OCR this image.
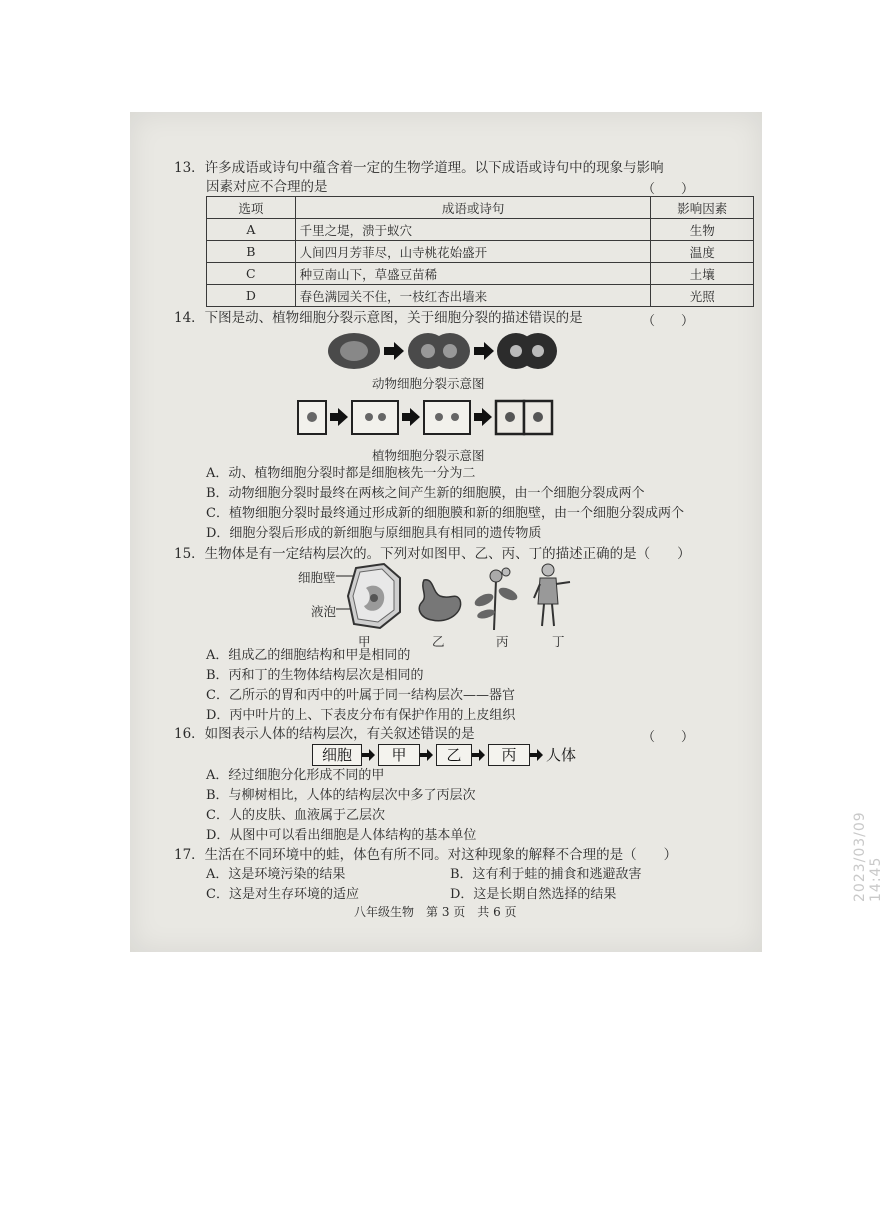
13．许多成语或诗句中蕴含着一定的生物学道理。以下成语或诗句中的现象与影响
因素对应不合理的是	（　　）
选项	成语或诗句	影响因素
A	千里之堤，溃于蚁穴	生物
B	人间四月芳菲尽，山寺桃花始盛开	温度
C	种豆南山下，草盛豆苗稀	土壤
D	春色满园关不住，一枝红杏出墙来	光照
14．下图是动、植物细胞分裂示意图，关于细胞分裂的描述错误的是	（　　）
动物细胞分裂示意图
植物细胞分裂示意图
A．动、植物细胞分裂时都是细胞核先一分为二
B．动物细胞分裂时最终在两核之间产生新的细胞膜，由一个细胞分裂成两个
C．植物细胞分裂时最终通过形成新的细胞膜和新的细胞壁，由一个细胞分裂成两个
D．细胞分裂后形成的新细胞与原细胞具有相同的遗传物质
15．生物体是有一定结构层次的。下列对如图甲、乙、丙、丁的描述正确的是（　　）
细胞壁
液泡
甲	乙	丙	丁
A．组成乙的细胞结构和甲是相同的
B．丙和丁的生物体结构层次是相同的
C．乙所示的胃和丙中的叶属于同一结构层次——器官
D．丙中叶片的上、下表皮分布有保护作用的上皮组织
16．如图表示人体的结构层次，有关叙述错误的是	（　　）
细胞	甲	乙	丙	人体
A．经过细胞分化形成不同的甲
B．与柳树相比，人体的结构层次中多了丙层次
C．人的皮肤、血液属于乙层次
D．从图中可以看出细胞是人体结构的基本单位
17．生活在不同环境中的蛙，体色有所不同。对这种现象的解释不合理的是（　　）
A．这是环境污染的结果	B．这有利于蛙的捕食和逃避敌害
C．这是对生存环境的适应	D．这是长期自然选择的结果
八年级生物　第 3 页　共 6 页
2023/03/09 14:45
